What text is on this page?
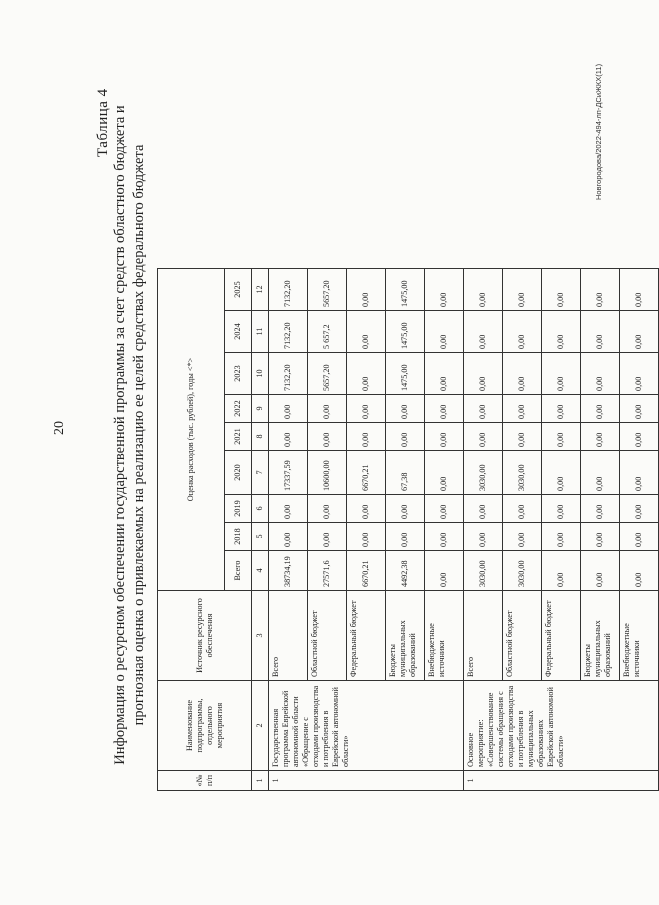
20
Таблица 4 Информация о ресурсном обеспечении государственной программы за счет средств областного бюджета и прогнозная оценка о привлекаемых на реализацию ее целей средствах федерального бюджета
«№ п/п	Наименование подпрограммы, отдельного мероприятия	Источник ресурсного обеспечения	Оценка расходов (тыс. рублей), годы <*>								
			Всего	2018	2019	2020	2021	2022	2023	2024	2025
1	2	3	4	5	6	7	8	9	10	11	12
1	Государственная программа Еврейской автономной области «Обращение с отходами производства и потребления в Еврейской автономной области»	Всего	38734,19	0,00	0,00	17337,59	0,00	0,00	7132,20	7132,20	7132,20
		Областной бюджет	27571,6	0,00	0,00	10600,00	0,00	0,00	5657,20	5 657,2	5657,20
		Федеральный бюджет	6670,21	0,00	0,00	6670,21	0,00	0,00	0,00	0,00	0,00
		Бюджеты муниципальных образований	4492,38	0,00	0,00	67,38	0,00	0,00	1475,00	1475,00	1475,00
		Внебюджетные источники	0,00	0,00	0,00	0,00	0,00	0,00	0,00	0,00	0,00
1	Основное мероприятие: «Совершенствование системы обращения с отходами производства и потребления в муниципальных образованиях Еврейской автономной области»	Всего	3030,00	0,00	0,00	3030,00	0,00	0,00	0,00	0,00	0,00
		Областной бюджет	3030,00	0,00	0,00	3030,00	0,00	0,00	0,00	0,00	0,00
		Федеральный бюджет	0,00	0,00	0,00	0,00	0,00	0,00	0,00	0,00	0,00
		Бюджеты муниципальных образований	0,00	0,00	0,00	0,00	0,00	0,00	0,00	0,00	0,00
		Внебюджетные источники	0,00	0,00	0,00	0,00	0,00	0,00	0,00	0,00	0,00
Новгородова/2022-494-лп-ДСиЖКХ(11)
